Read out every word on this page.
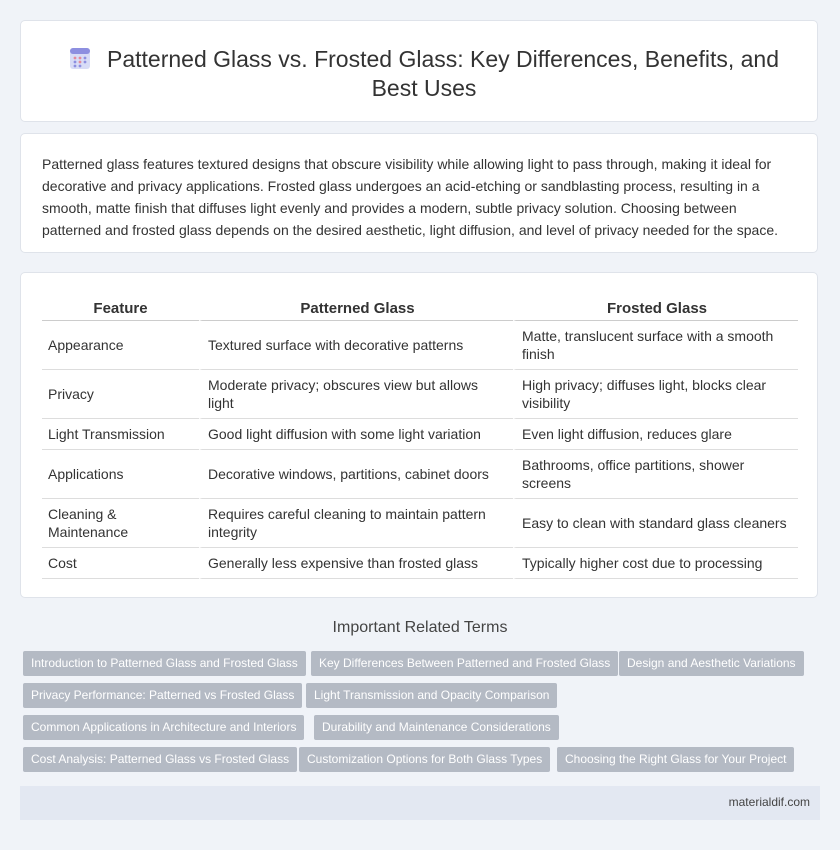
Patterned Glass vs. Frosted Glass: Key Differences, Benefits, and Best Uses

Patterned glass features textured designs that obscure visibility while allowing light to pass through, making it ideal for decorative and privacy applications. Frosted glass undergoes an acid-etching or sandblasting process, resulting in a smooth, matte finish that diffuses light evenly and provides a modern, subtle privacy solution. Choosing between patterned and frosted glass depends on the desired aesthetic, light diffusion, and level of privacy needed for the space.

Feature	Patterned Glass	Frosted Glass
Appearance	Textured surface with decorative patterns	Matte, translucent surface with a smooth finish
Privacy	Moderate privacy; obscures view but allows light	High privacy; diffuses light, blocks clear visibility
Light Transmission	Good light diffusion with some light variation	Even light diffusion, reduces glare
Applications	Decorative windows, partitions, cabinet doors	Bathrooms, office partitions, shower screens
Cleaning & Maintenance	Requires careful cleaning to maintain pattern integrity	Easy to clean with standard glass cleaners
Cost	Generally less expensive than frosted glass	Typically higher cost due to processing
Important Related Terms
Introduction to Patterned Glass and Frosted Glass	Key Differences Between Patterned and Frosted Glass	Design and Aesthetic Variations
Privacy Performance: Patterned vs Frosted Glass	Light Transmission and Opacity Comparison
Common Applications in Architecture and Interiors	Durability and Maintenance Considerations
Cost Analysis: Patterned Glass vs Frosted Glass	Customization Options for Both Glass Types	Choosing the Right Glass for Your Project
materialdif.com
